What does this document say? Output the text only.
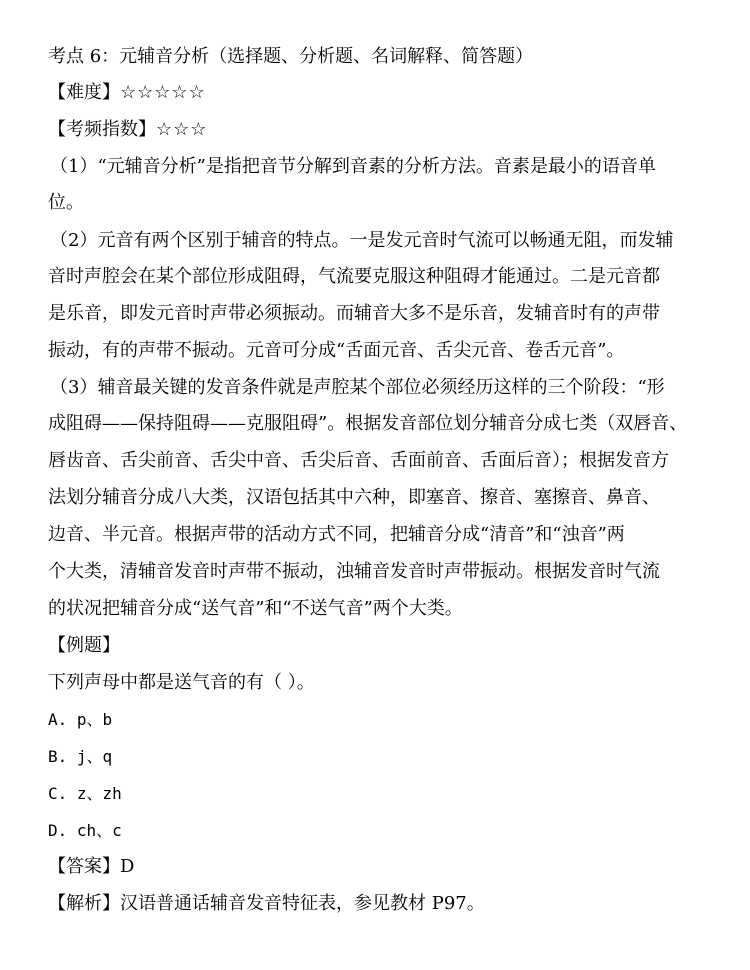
考点 6：元辅音分析（选择题、分析题、名词解释、简答题）
【难度】☆☆☆☆☆
【考频指数】☆☆☆
（1）“元辅音分析”是指把音节分解到音素的分析方法。音素是最小的语音单
位。
（2）元音有两个区别于辅音的特点。一是发元音时气流可以畅通无阻，而发辅
音时声腔会在某个部位形成阻碍，气流要克服这种阻碍才能通过。二是元音都
是乐音，即发元音时声带必须振动。而辅音大多不是乐音，发辅音时有的声带
振动，有的声带不振动。元音可分成“舌面元音、舌尖元音、卷舌元音”。
（3）辅音最关键的发音条件就是声腔某个部位必须经历这样的三个阶段：“形
成阻碍——保持阻碍——克服阻碍”。根据发音部位划分辅音分成七类（双唇音、
唇齿音、舌尖前音、舌尖中音、舌尖后音、舌面前音、舌面后音）；根据发音方
法划分辅音分成八大类，汉语包括其中六种，即塞音、擦音、塞擦音、鼻音、
边音、半元音。根据声带的活动方式不同，把辅音分成“清音”和“浊音”两
个大类，清辅音发音时声带不振动，浊辅音发音时声带振动。根据发音时气流
的状况把辅音分成“送气音”和“不送气音”两个大类。
【例题】
下列声母中都是送气音的有（ ）。
A. p、b
B. j、q
C. z、zh
D. ch、c
【答案】D
【解析】汉语普通话辅音发音特征表，参见教材 P97。
